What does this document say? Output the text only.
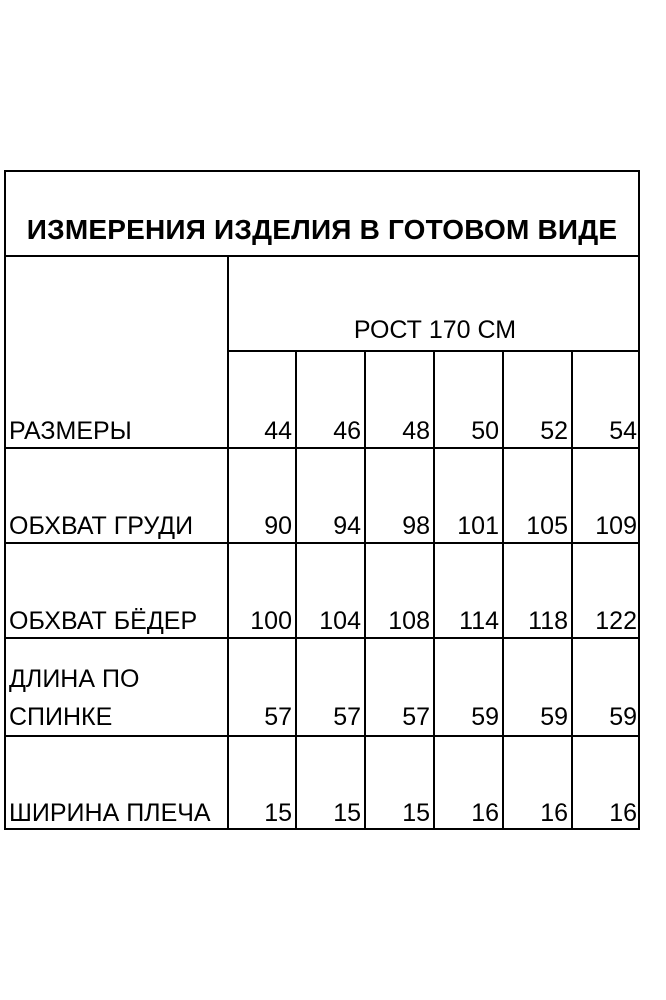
ИЗМЕРЕНИЯ ИЗДЕЛИЯ В ГОТОВОМ ВИДЕ
РОСТ 170 СМ
РАЗМЕРЫ	44	46	48	50	52	54
ОБХВАТ ГРУДИ	90	94	98	101	105	109
ОБХВАТ БЁДЕР	100	104	108	114	118	122
ДЛИНА ПО
СПИНКЕ	57	57	57	59	59	59
ШИРИНА ПЛЕЧА	15	15	15	16	16	16
